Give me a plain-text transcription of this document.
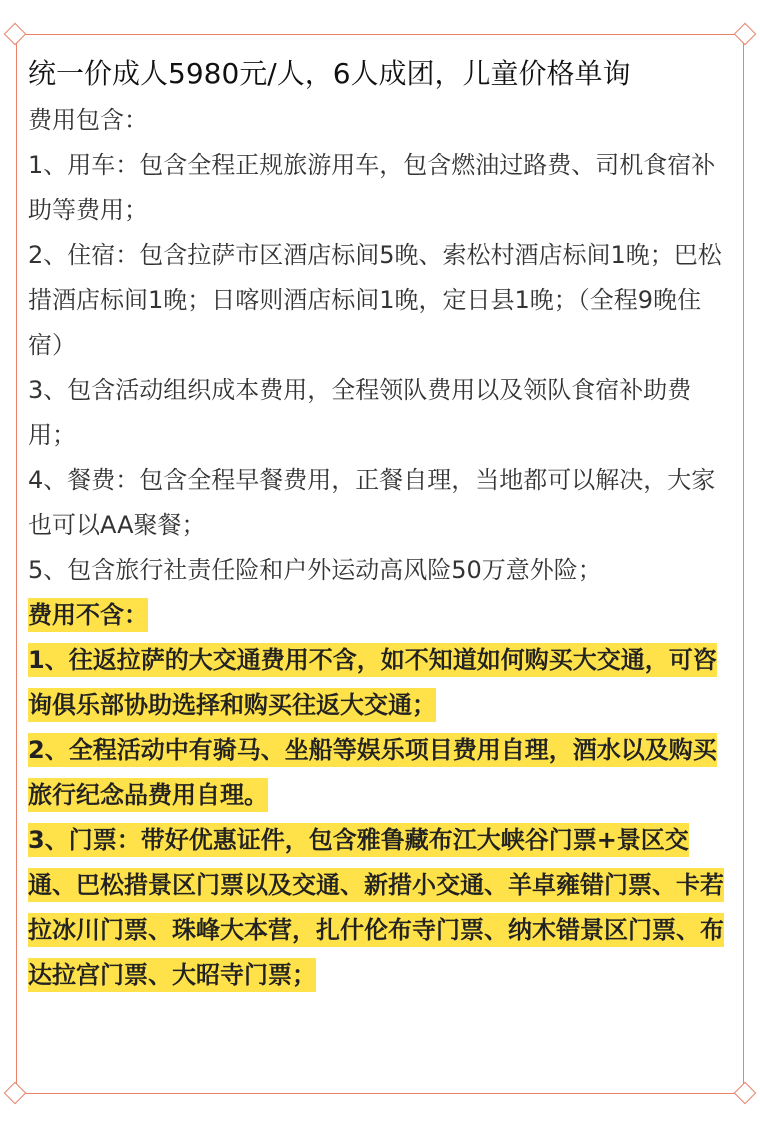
统一价成人5980元/人，6人成团，儿童价格单询

费用包含：

1、用车：包含全程正规旅游用车，包含燃油过路费、司机食宿补助等费用；

2、住宿：包含拉萨市区酒店标间5晚、索松村酒店标间1晚；巴松措酒店标间1晚；日喀则酒店标间1晚，定日县1晚；（全程9晚住宿）

3、包含活动组织成本费用，全程领队费用以及领队食宿补助费用；

4、餐费：包含全程早餐费用，正餐自理，当地都可以解决，大家也可以AA聚餐；

5、包含旅行社责任险和户外运动高风险50万意外险；

费用不含：

1、往返拉萨的大交通费用不含，如不知道如何购买大交通，可咨询俱乐部协助选择和购买往返大交通；

2、全程活动中有骑马、坐船等娱乐项目费用自理，酒水以及购买旅行纪念品费用自理。

3、门票：带好优惠证件，包含雅鲁藏布江大峡谷门票+景区交通、巴松措景区门票以及交通、新措小交通、羊卓雍错门票、卡若拉冰川门票、珠峰大本营，扎什伦布寺门票、纳木错景区门票、布达拉宫门票、大昭寺门票；
